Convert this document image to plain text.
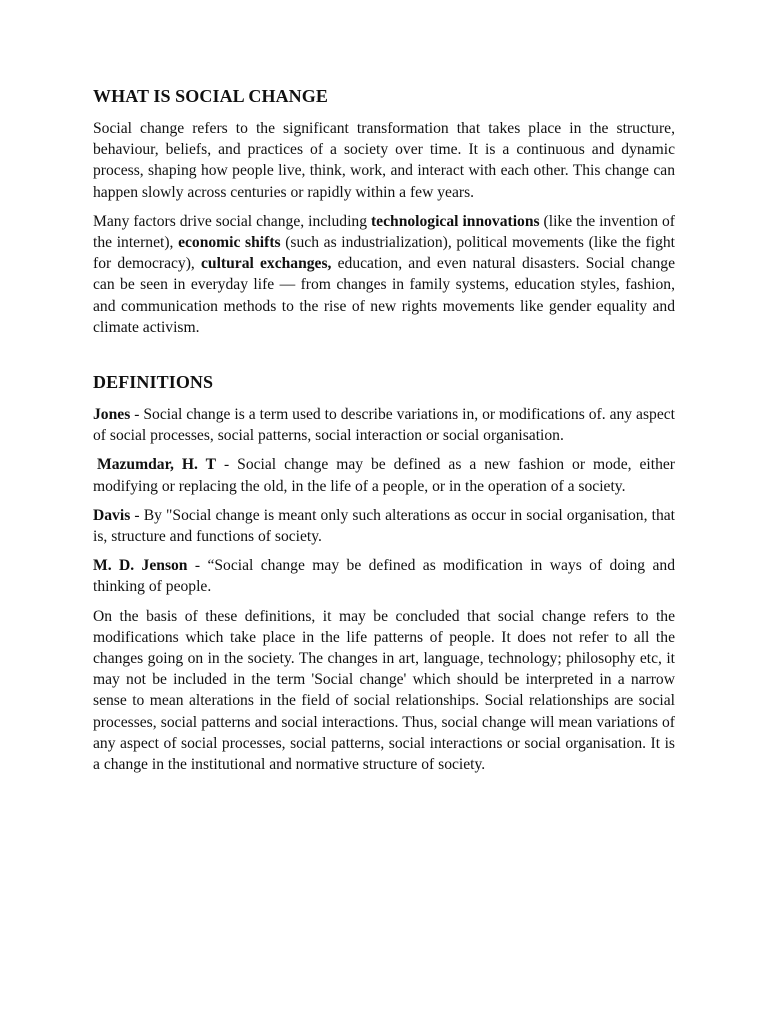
WHAT IS SOCIAL CHANGE

Social change refers to the significant transformation that takes place in the structure, behaviour, beliefs, and practices of a society over time. It is a continuous and dynamic process, shaping how people live, think, work, and interact with each other. This change can happen slowly across centuries or rapidly within a few years.

Many factors drive social change, including technological innovations (like the invention of the internet), economic shifts (such as industrialization), political movements (like the fight for democracy), cultural exchanges, education, and even natural disasters. Social change can be seen in everyday life — from changes in family systems, education styles, fashion, and communication methods to the rise of new rights movements like gender equality and climate activism.

DEFINITIONS

Jones - Social change is a term used to describe variations in, or modifications of. any aspect of social processes, social patterns, social interaction or social organisation.

Mazumdar, H. T - Social change may be defined as a new fashion or mode, either modifying or replacing the old, in the life of a people, or in the operation of a society.

Davis - By "Social change is meant only such alterations as occur in social organisation, that is, structure and functions of society.

M. D. Jenson - “Social change may be defined as modification in ways of doing and thinking of people.

On the basis of these definitions, it may be concluded that social change refers to the modifications which take place in the life patterns of people. It does not refer to all the changes going on in the society. The changes in art, language, technology; philosophy etc, it may not be included in the term 'Social change' which should be interpreted in a narrow sense to mean alterations in the field of social relationships. Social relationships are social processes, social patterns and social interactions. Thus, social change will mean variations of any aspect of social processes, social patterns, social interactions or social organisation. It is a change in the institutional and normative structure of society.
